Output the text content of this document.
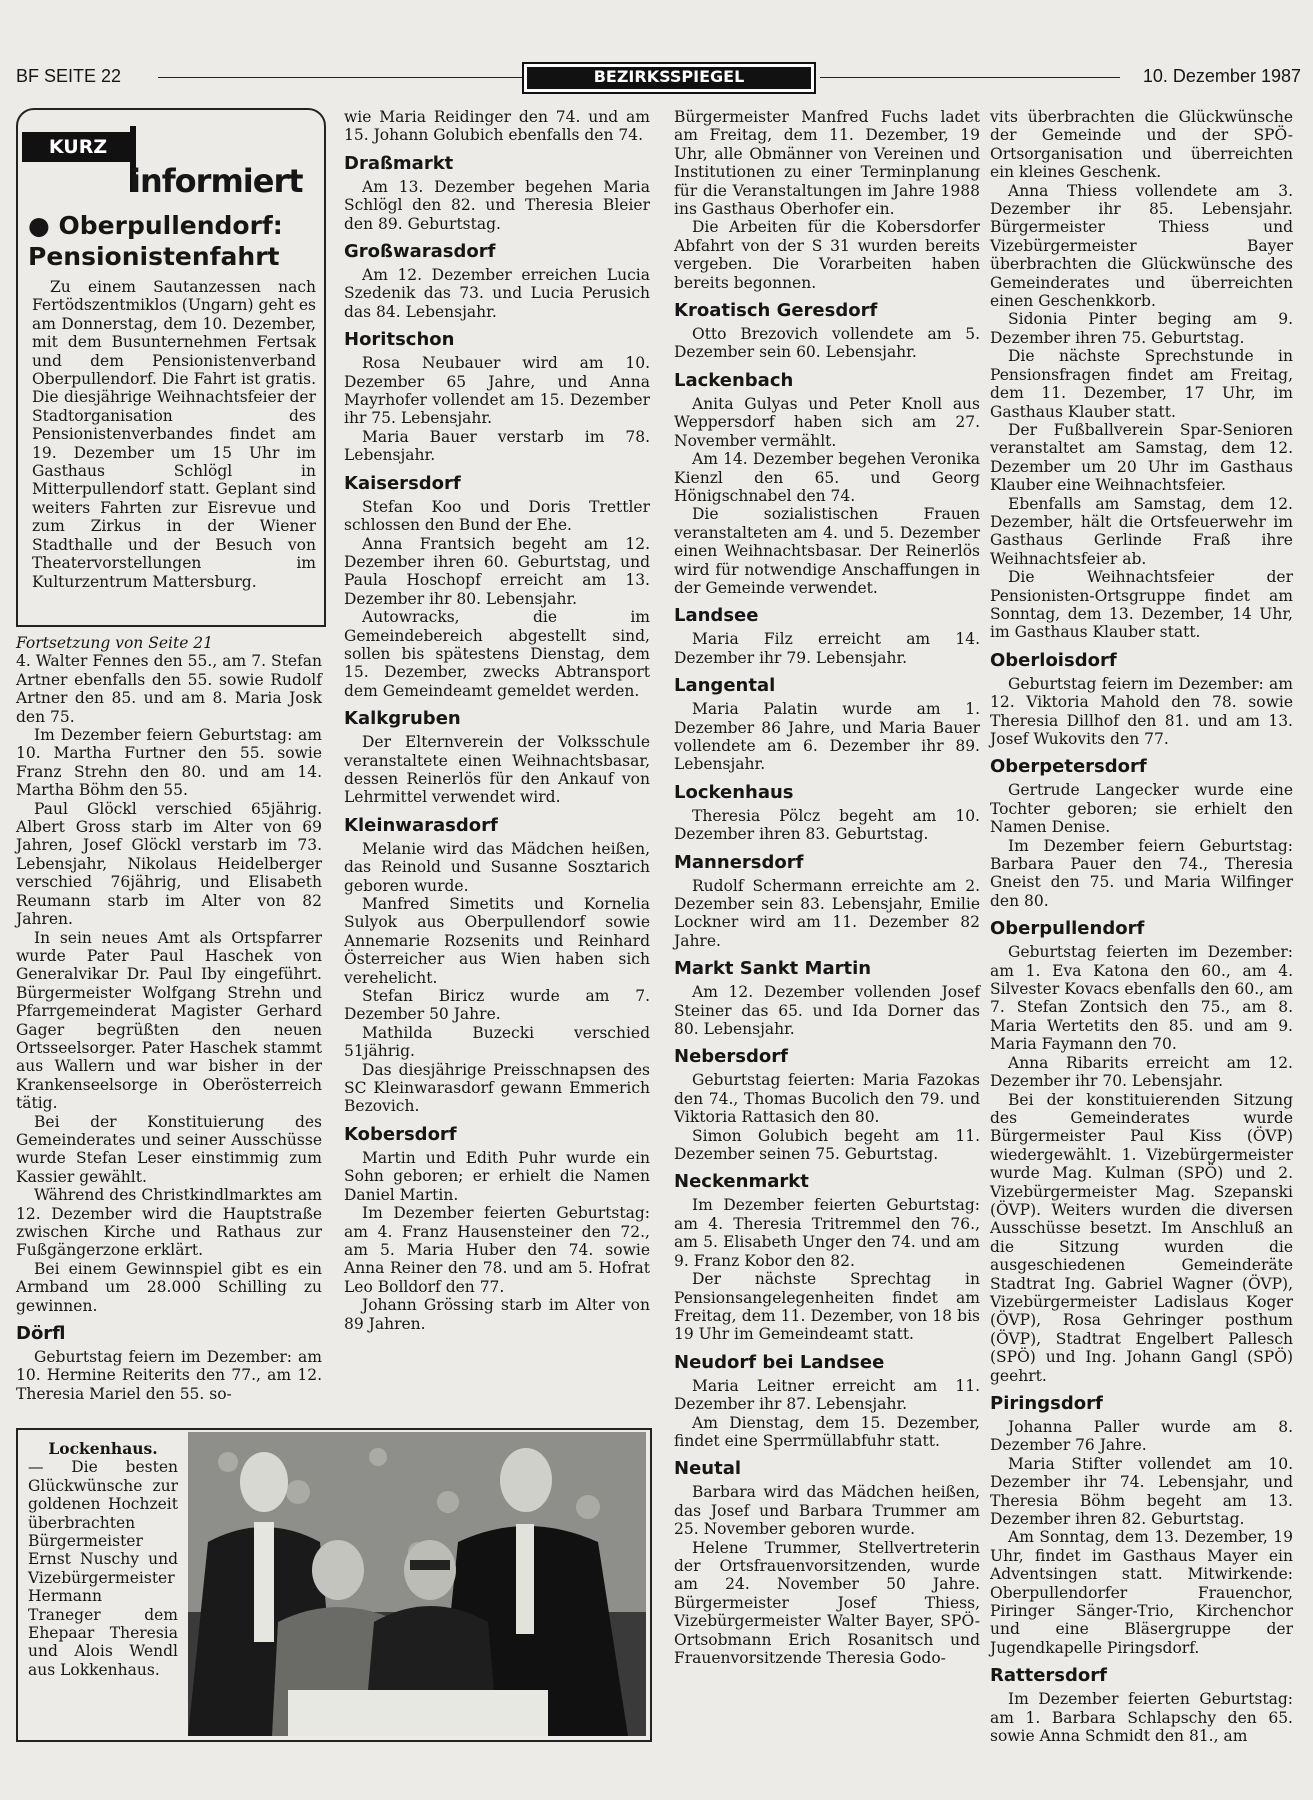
BF SEITE 22	BEZIRKSSPIEGEL	10. Dezember 1987
KURZ
informiert
● Oberpullendorf: Pensionistenfahrt

Zu einem Sautanzessen nach Fertödszentmiklos (Ungarn) geht es am Donnerstag, dem 10. Dezember, mit dem Busunternehmen Fertsak und dem Pensionistenverband Oberpullendorf. Die Fahrt ist gratis. Die diesjährige Weihnachtsfeier der Stadtorganisation des Pensionistenverbandes findet am 19. Dezember um 15 Uhr im Gasthaus Schlögl in Mitterpullendorf statt. Geplant sind weiters Fahrten zur Eisrevue und zum Zirkus in der Wiener Stadthalle und der Besuch von Theatervorstellungen im Kulturzentrum Mattersburg.

Fortsetzung von Seite 21

4. Walter Fennes den 55., am 7. Stefan Artner ebenfalls den 55. sowie Rudolf Artner den 85. und am 8. Maria Josk den 75.

Im Dezember feiern Geburtstag: am 10. Martha Furtner den 55. sowie Franz Strehn den 80. und am 14. Martha Böhm den 55.

Paul Glöckl verschied 65jährig. Albert Gross starb im Alter von 69 Jahren, Josef Glöckl verstarb im 73. Lebensjahr, Nikolaus Heidelberger verschied 76jährig, und Elisabeth Reumann starb im Alter von 82 Jahren.

In sein neues Amt als Ortspfarrer wurde Pater Paul Haschek von Generalvikar Dr. Paul Iby eingeführt. Bürgermeister Wolfgang Strehn und Pfarrgemeinderat Magister Gerhard Gager begrüßten den neuen Ortsseelsorger. Pater Haschek stammt aus Wallern und war bisher in der Krankenseelsorge in Oberösterreich tätig.

Bei der Konstituierung des Gemeinderates und seiner Ausschüsse wurde Stefan Leser einstimmig zum Kassier gewählt.

Während des Christkindlmarktes am 12. Dezember wird die Hauptstraße zwischen Kirche und Rathaus zur Fußgängerzone erklärt.

Bei einem Gewinnspiel gibt es ein Armband um 28.000 Schilling zu gewinnen.

Dörfl

Geburtstag feiern im Dezember: am 10. Hermine Reiterits den 77., am 12. Theresia Mariel den 55. so-

wie Maria Reidinger den 74. und am 15. Johann Golubich ebenfalls den 74.

Draßmarkt

Am 13. Dezember begehen Maria Schlögl den 82. und Theresia Bleier den 89. Geburtstag.

Großwarasdorf

Am 12. Dezember erreichen Lucia Szedenik das 73. und Lucia Perusich das 84. Lebensjahr.

Horitschon

Rosa Neubauer wird am 10. Dezember 65 Jahre, und Anna Mayrhofer vollendet am 15. Dezember ihr 75. Lebensjahr.

Maria Bauer verstarb im 78. Lebensjahr.

Kaisersdorf

Stefan Koo und Doris Trettler schlossen den Bund der Ehe.

Anna Frantsich begeht am 12. Dezember ihren 60. Geburtstag, und Paula Hoschopf erreicht am 13. Dezember ihr 80. Lebensjahr.

Autowracks, die im Gemeindebereich abgestellt sind, sollen bis spätestens Dienstag, dem 15. Dezember, zwecks Abtransport dem Gemeindeamt gemeldet werden.

Kalkgruben

Der Elternverein der Volksschule veranstaltete einen Weihnachtsbasar, dessen Reinerlös für den Ankauf von Lehrmittel verwendet wird.

Kleinwarasdorf

Melanie wird das Mädchen heißen, das Reinold und Susanne Sosztarich geboren wurde.

Manfred Simetits und Kornelia Sulyok aus Oberpullendorf sowie Annemarie Rozsenits und Reinhard Österreicher aus Wien haben sich verehelicht.

Stefan Biricz wurde am 7. Dezember 50 Jahre.

Mathilda Buzecki verschied 51jährig.

Das diesjährige Preisschnapsen des SC Kleinwarasdorf gewann Emmerich Bezovich.

Kobersdorf

Martin und Edith Puhr wurde ein Sohn geboren; er erhielt die Namen Daniel Martin.

Im Dezember feierten Geburtstag: am 4. Franz Hausensteiner den 72., am 5. Maria Huber den 74. sowie Anna Reiner den 78. und am 5. Hofrat Leo Bolldorf den 77.

Johann Grössing starb im Alter von 89 Jahren.

Bürgermeister Manfred Fuchs ladet am Freitag, dem 11. Dezember, 19 Uhr, alle Obmänner von Vereinen und Institutionen zu einer Terminplanung für die Veranstaltungen im Jahre 1988 ins Gasthaus Oberhofer ein.

Die Arbeiten für die Kobersdorfer Abfahrt von der S 31 wurden bereits vergeben. Die Vorarbeiten haben bereits begonnen.

Kroatisch Geresdorf

Otto Brezovich vollendete am 5. Dezember sein 60. Lebensjahr.

Lackenbach

Anita Gulyas und Peter Knoll aus Weppersdorf haben sich am 27. November vermählt.

Am 14. Dezember begehen Veronika Kienzl den 65. und Georg Hönigschnabel den 74.

Die sozialistischen Frauen veranstalteten am 4. und 5. Dezember einen Weihnachtsbasar. Der Reinerlös wird für notwendige Anschaffungen in der Gemeinde verwendet.

Landsee

Maria Filz erreicht am 14. Dezember ihr 79. Lebensjahr.

Langental

Maria Palatin wurde am 1. Dezember 86 Jahre, und Maria Bauer vollendete am 6. Dezember ihr 89. Lebensjahr.

Lockenhaus

Theresia Pölcz begeht am 10. Dezember ihren 83. Geburtstag.

Mannersdorf

Rudolf Schermann erreichte am 2. Dezember sein 83. Lebensjahr, Emilie Lockner wird am 11. Dezember 82 Jahre.

Markt Sankt Martin

Am 12. Dezember vollenden Josef Steiner das 65. und Ida Dorner das 80. Lebensjahr.

Nebersdorf

Geburtstag feierten: Maria Fazokas den 74., Thomas Bucolich den 79. und Viktoria Rattasich den 80.

Simon Golubich begeht am 11. Dezember seinen 75. Geburtstag.

Neckenmarkt

Im Dezember feierten Geburtstag: am 4. Theresia Tritremmel den 76., am 5. Elisabeth Unger den 74. und am 9. Franz Kobor den 82.

Der nächste Sprechtag in Pensionsangelegenheiten findet am Freitag, dem 11. Dezember, von 18 bis 19 Uhr im Gemeindeamt statt.

Neudorf bei Landsee

Maria Leitner erreicht am 11. Dezember ihr 87. Lebensjahr.

Am Dienstag, dem 15. Dezember, findet eine Sperrmüllabfuhr statt.

Neutal

Barbara wird das Mädchen heißen, das Josef und Barbara Trummer am 25. November geboren wurde.

Helene Trummer, Stellvertreterin der Ortsfrauenvorsitzenden, wurde am 24. November 50 Jahre. Bürgermeister Josef Thiess, Vizebürgermeister Walter Bayer, SPÖ-Ortsobmann Erich Rosanitsch und Frauenvorsitzende Theresia Godo-

vits überbrachten die Glückwünsche der Gemeinde und der SPÖ-Ortsorganisation und überreichten ein kleines Geschenk.

Anna Thiess vollendete am 3. Dezember ihr 85. Lebensjahr. Bürgermeister Thiess und Vizebürgermeister Bayer überbrachten die Glückwünsche des Gemeinderates und überreichten einen Geschenkkorb.

Sidonia Pinter beging am 9. Dezember ihren 75. Geburtstag.

Die nächste Sprechstunde in Pensionsfragen findet am Freitag, dem 11. Dezember, 17 Uhr, im Gasthaus Klauber statt.

Der Fußballverein Spar-Senioren veranstaltet am Samstag, dem 12. Dezember um 20 Uhr im Gasthaus Klauber eine Weihnachtsfeier.

Ebenfalls am Samstag, dem 12. Dezember, hält die Ortsfeuerwehr im Gasthaus Gerlinde Fraß ihre Weihnachtsfeier ab.

Die Weihnachtsfeier der Pensionisten-Ortsgruppe findet am Sonntag, dem 13. Dezember, 14 Uhr, im Gasthaus Klauber statt.

Oberloisdorf

Geburtstag feiern im Dezember: am 12. Viktoria Mahold den 78. sowie Theresia Dillhof den 81. und am 13. Josef Wukovits den 77.

Oberpetersdorf

Gertrude Langecker wurde eine Tochter geboren; sie erhielt den Namen Denise.

Im Dezember feiern Geburtstag: Barbara Pauer den 74., Theresia Gneist den 75. und Maria Wilfinger den 80.

Oberpullendorf

Geburtstag feierten im Dezember: am 1. Eva Katona den 60., am 4. Silvester Kovacs ebenfalls den 60., am 7. Stefan Zontsich den 75., am 8. Maria Wertetits den 85. und am 9. Maria Faymann den 70.

Anna Ribarits erreicht am 12. Dezember ihr 70. Lebensjahr.

Bei der konstituierenden Sitzung des Gemeinderates wurde Bürgermeister Paul Kiss (ÖVP) wiedergewählt. 1. Vizebürgermeister wurde Mag. Kulman (SPÖ) und 2. Vizebürgermeister Mag. Szepanski (ÖVP). Weiters wurden die diversen Ausschüsse besetzt. Im Anschluß an die Sitzung wurden die ausgeschiedenen Gemeinderäte Stadtrat Ing. Gabriel Wagner (ÖVP), Vizebürgermeister Ladislaus Koger (ÖVP), Rosa Gehringer posthum (ÖVP), Stadtrat Engelbert Pallesch (SPÖ) und Ing. Johann Gangl (SPÖ) geehrt.

Piringsdorf

Johanna Paller wurde am 8. Dezember 76 Jahre.

Maria Stifter vollendet am 10. Dezember ihr 74. Lebensjahr, und Theresia Böhm begeht am 13. Dezember ihren 82. Geburtstag.

Am Sonntag, dem 13. Dezember, 19 Uhr, findet im Gasthaus Mayer ein Adventsingen statt. Mitwirkende: Oberpullendorfer Frauenchor, Piringer Sänger-Trio, Kirchenchor und eine Bläsergruppe der Jugendkapelle Piringsdorf.

Rattersdorf

Im Dezember feierten Geburtstag: am 1. Barbara Schlapschy den 65. sowie Anna Schmidt den 81., am

Lockenhaus.

— Die besten Glückwünsche zur goldenen Hochzeit überbrachten Bürgermeister Ernst Nuschy und Vizebürgermeister Hermann Traneger dem Ehepaar Theresia und Alois Wendl aus Lokkenhaus.
